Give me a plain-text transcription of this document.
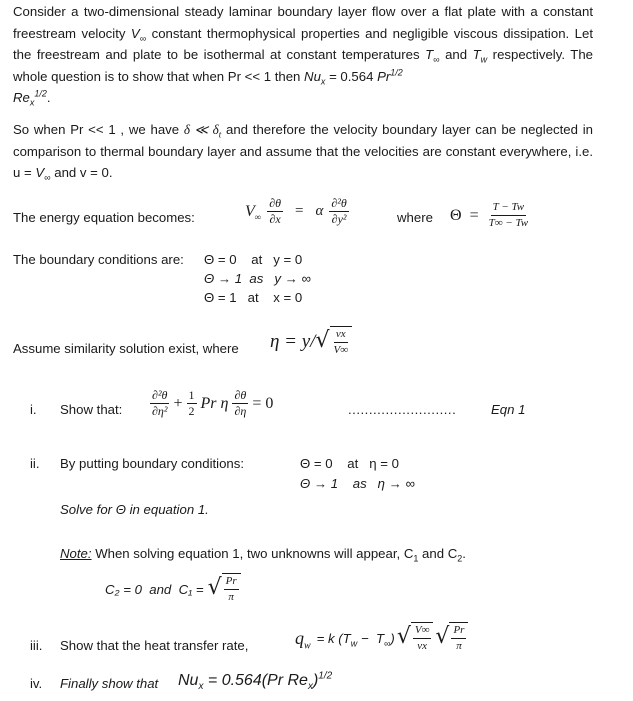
Consider a two-dimensional steady laminar boundary layer flow over a flat plate with a constant freestream velocity $V_\infty$ constant thermophysical properties and negligible viscous dissipation. Let the freestream and plate to be isothermal at constant temperatures $T_\infty$ and $T_w$ respectively. The whole question is to show that when Pr << 1 then $Nu_x = 0.564$ $Pr^{1/2}$
$Re_x^{1/2}$.
So when Pr << 1 , we have δ ≪ $\delta_t$ and therefore the velocity boundary layer can be neglected in comparison to thermal boundary layer and assume that the velocities are constant everywhere, i.e. $u = V_\infty$ and v = 0.
The energy equation becomes:	$V_\infty \frac{\partial\theta}{\partial x} = \alpha \frac{\text{∂²θ}}{\text{∂y²}}$	where $\Theta = \frac{T - Tw}{T\infty - Tw}$
The boundary conditions are: Θ = 0    at   y = 0
Θ → 1  as   y → ∞
Θ = 1   at    x = 0
Assume similarity solution exist, where η = y/ √ $\frac{\nu x}{V\infty}$
i. Show that: $\frac{\text{∂²θ}}{\text{∂η²}} + \frac{1}{2}$ Pr η $\frac{\partial\theta}{\partial\eta} = 0$	..........................	Eqn 1
ii. By putting boundary conditions:	Θ = 0    at   η = 0
Θ → 1    as   η → ∞
Solve for Θ in equation 1.
Note: When solving equation 1, two unknowns will appear, $C_1$ and $C_2$.
C₂ = 0  and  C₁ = √ $\frac{Pr}{\pi}$
iii. Show that the heat transfer rate,	$q_w$
= k $(T_w - T_\infty)$ √ $\frac{V\infty}{\nu x}$ √ $\frac{Pr}{\pi}$
iv. Finally show that $Nu_x = 0.564(Pr$ $Re_x)^{1/2}$
